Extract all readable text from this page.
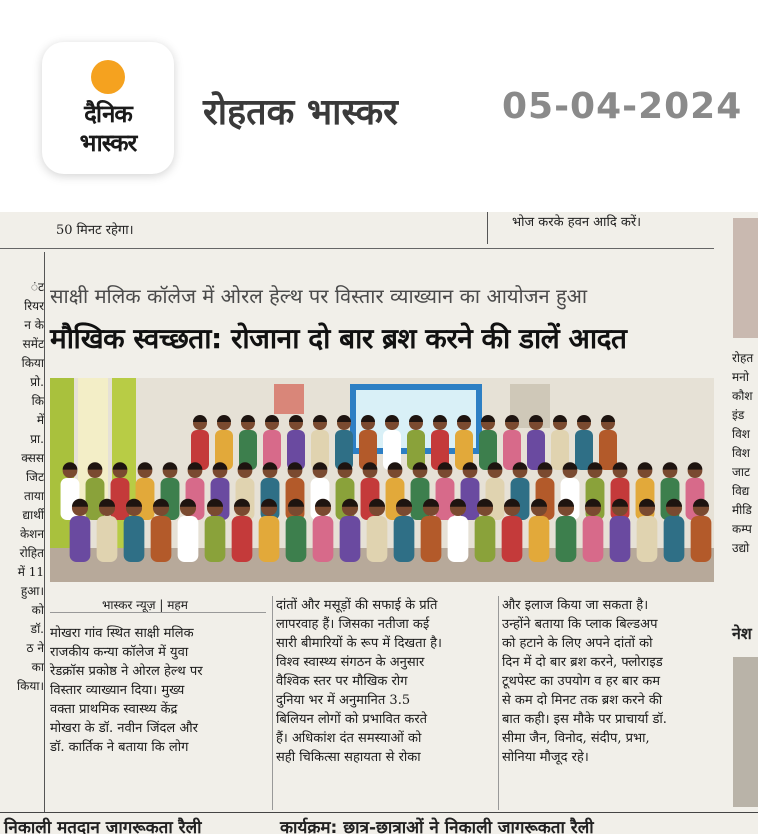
दैनिक
भास्कर
रोहतक भास्कर	05-04-2024
50 मिनट रहेगा।
भोज करके हवन आदि करें।
ंट
रियर
न के
समेंट
किया
प्रो.
कि
में
प्रा.
क्सस
जिट
ताया
द्यार्थी
केशन
रोहित
में 11
हुआ।
को
डॉ.
ठ ने
का
किया।
रोहत
मनो
कौश
इंड
विश
विश
जाट
विद्य
मीडि
कम्प
उद्यो
नेश
साक्षी मलिक कॉलेज में ओरल हेल्थ पर विस्तार व्याख्यान का आयोजन हुआ
मौखिक स्वच्छता: रोजाना दो बार ब्रश करने की डालें आदत
भास्कर न्यूज़ | महम
मोखरा गांव स्थित साक्षी मलिक
राजकीय कन्या कॉलेज में युवा
रेडक्रॉस प्रकोष्ठ ने ओरल हेल्थ पर
विस्तार व्याख्यान दिया। मुख्य
वक्ता प्राथमिक स्वास्थ्य केंद्र
मोखरा के डॉ. नवीन जिंदल और
डॉ. कार्तिक ने बताया कि लोग
दांतों और मसूड़ों की सफाई के प्रति
लापरवाह हैं। जिसका नतीजा कई
सारी बीमारियों के रूप में दिखता है।
विश्व स्वास्थ्य संगठन के अनुसार
वैश्विक स्तर पर मौखिक रोग
दुनिया भर में अनुमानित 3.5
बिलियन लोगों को प्रभावित करते
हैं। अधिकांश दंत समस्याओं को
सही चिकित्सा सहायता से रोका
और इलाज किया जा सकता है।
उन्होंने बताया कि प्लाक बिल्डअप
को हटाने के लिए अपने दांतों को
दिन में दो बार ब्रश करने, फ्लोराइड
टूथपेस्ट का उपयोग व हर बार कम
से कम दो मिनट तक ब्रश करने की
बात कही। इस मौके पर प्राचार्या डॉ.
सीमा जैन, विनोद, संदीप, प्रभा,
सोनिया मौजूद रहे।
निकाली मतदान जागरूकता रैली	कार्यक्रम: छात्र-छात्राओं ने निकाली जागरूकता रैली
